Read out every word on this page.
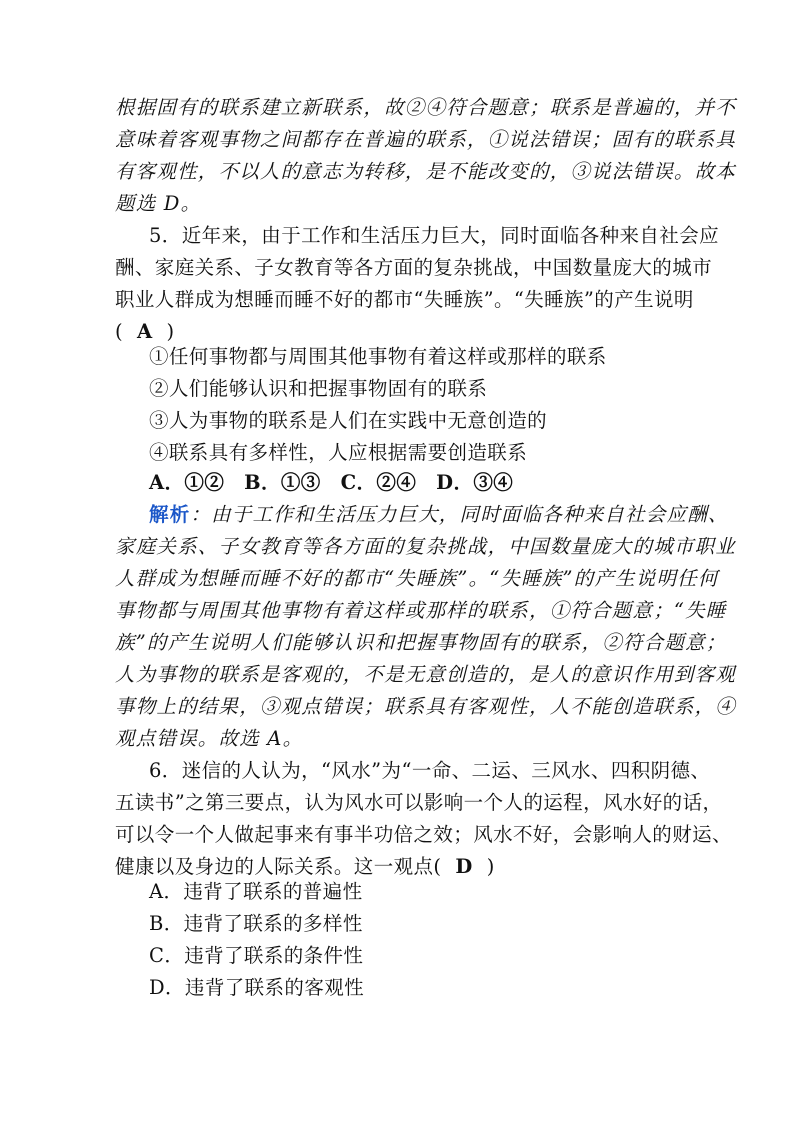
根据固有的联系建立新联系，故②④符合题意；联系是普遍的，并不
意味着客观事物之间都存在普遍的联系，①说法错误；固有的联系具
有客观性，不以人的意志为转移，是不能改变的，③说法错误。故本
题选 D。
5．近年来，由于工作和生活压力巨大，同时面临各种来自社会应
酬、家庭关系、子女教育等各方面的复杂挑战，中国数量庞大的城市
职业人群成为想睡而睡不好的都市“失睡族”。“失睡族”的产生说明
( A )
①任何事物都与周围其他事物有着这样或那样的联系
②人们能够认识和把握事物固有的联系
③人为事物的联系是人们在实践中无意创造的
④联系具有多样性，人应根据需要创造联系
A．①②　B．①③　C．②④　D．③④
解析：由于工作和生活压力巨大，同时面临各种来自社会应酬、
家庭关系、子女教育等各方面的复杂挑战，中国数量庞大的城市职业
人群成为想睡而睡不好的都市“失睡族”。“失睡族”的产生说明任何
事物都与周围其他事物有着这样或那样的联系，①符合题意；“失睡
族”的产生说明人们能够认识和把握事物固有的联系，②符合题意；
人为事物的联系是客观的，不是无意创造的，是人的意识作用到客观
事物上的结果，③观点错误；联系具有客观性，人不能创造联系，④
观点错误。故选 A。
6．迷信的人认为，“风水”为“一命、二运、三风水、四积阴德、
五读书”之第三要点，认为风水可以影响一个人的运程，风水好的话，
可以令一个人做起事来有事半功倍之效；风水不好，会影响人的财运、
健康以及身边的人际关系。这一观点( D )
A．违背了联系的普遍性
B．违背了联系的多样性
C．违背了联系的条件性
D．违背了联系的客观性
